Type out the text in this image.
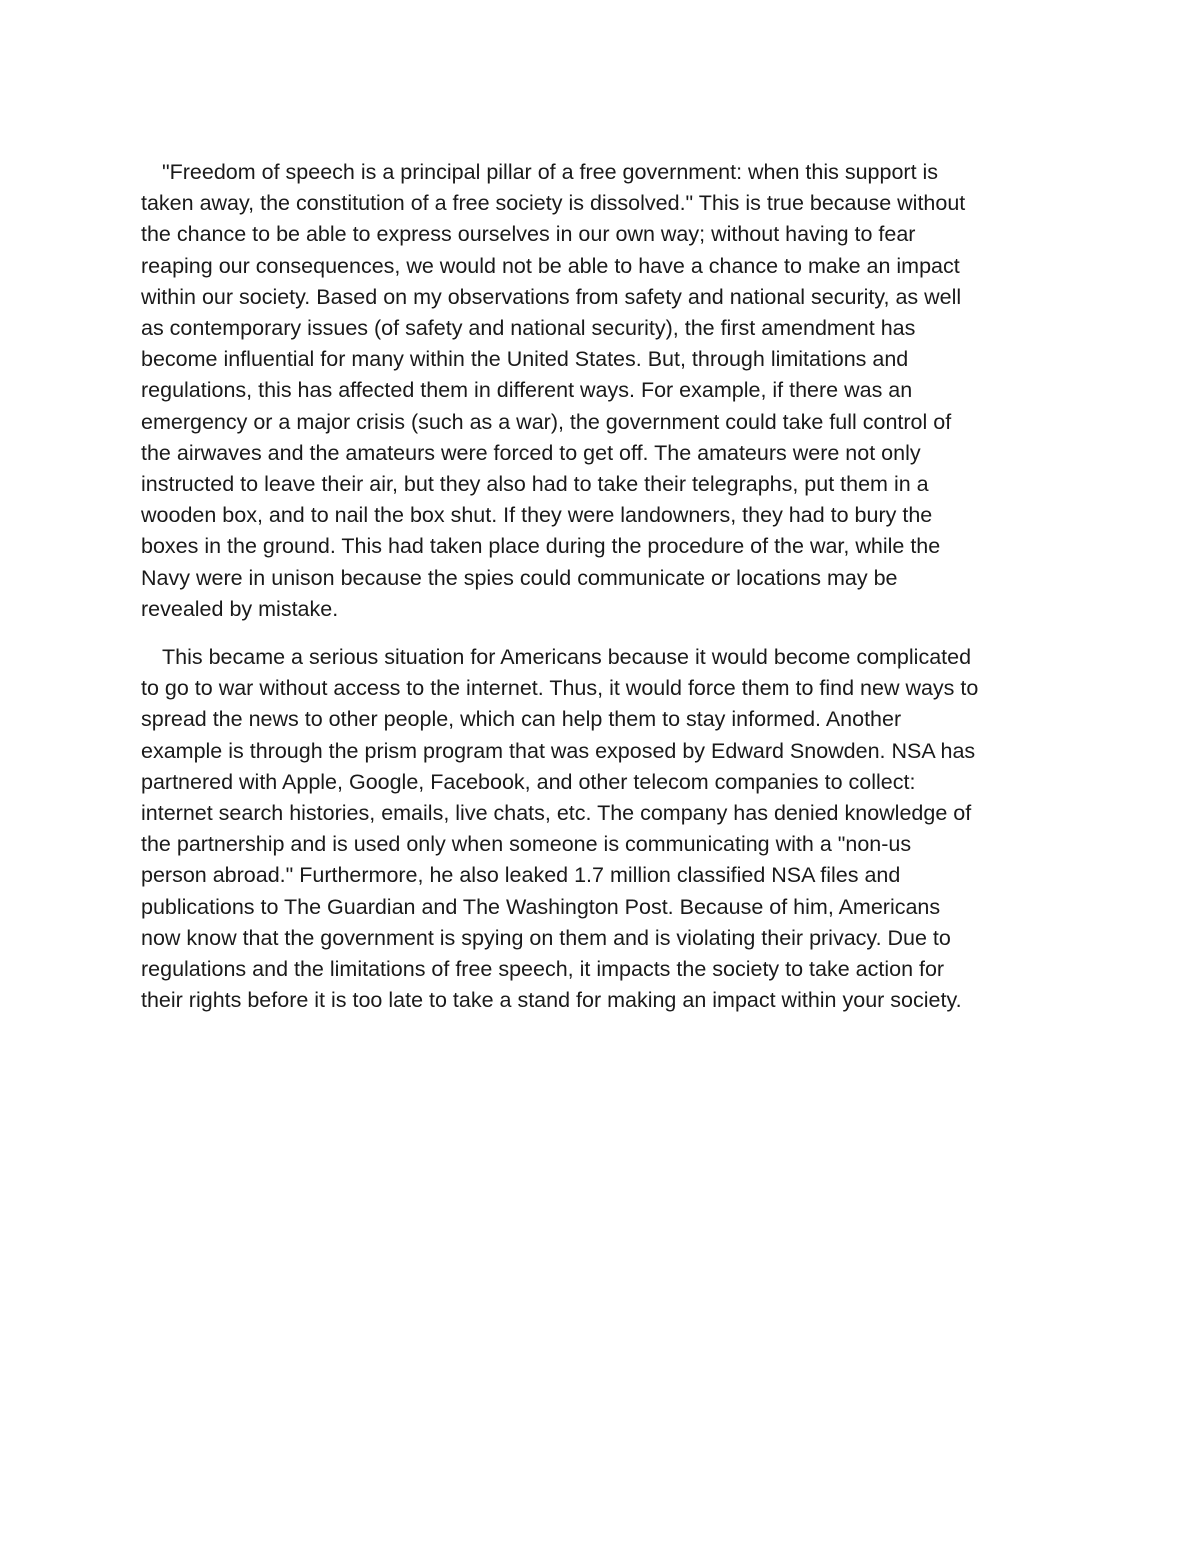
"Freedom of speech is a principal pillar of a free government: when this support is
taken away, the constitution of a free society is dissolved." This is true because without
the chance to be able to express ourselves in our own way; without having to fear
reaping our consequences, we would not be able to have a chance to make an impact
within our society. Based on my observations from safety and national security, as well
as contemporary issues (of safety and national security), the first amendment has
become influential for many within the United States. But, through limitations and
regulations, this has affected them in different ways. For example, if there was an
emergency or a major crisis (such as a war), the government could take full control of
the airwaves and the amateurs were forced to get off. The amateurs were not only
instructed to leave their air, but they also had to take their telegraphs, put them in a
wooden box, and to nail the box shut. If they were landowners, they had to bury the
boxes in the ground. This had taken place during the procedure of the war, while the
Navy were in unison because the spies could communicate or locations may be
revealed by mistake.
This became a serious situation for Americans because it would become complicated
to go to war without access to the internet. Thus, it would force them to find new ways to
spread the news to other people, which can help them to stay informed. Another
example is through the prism program that was exposed by Edward Snowden. NSA has
partnered with Apple, Google, Facebook, and other telecom companies to collect:
internet search histories, emails, live chats, etc. The company has denied knowledge of
the partnership and is used only when someone is communicating with a "non-us
person abroad." Furthermore, he also leaked 1.7 million classified NSA files and
publications to The Guardian and The Washington Post. Because of him, Americans
now know that the government is spying on them and is violating their privacy. Due to
regulations and the limitations of free speech, it impacts the society to take action for
their rights before it is too late to take a stand for making an impact within your society.
